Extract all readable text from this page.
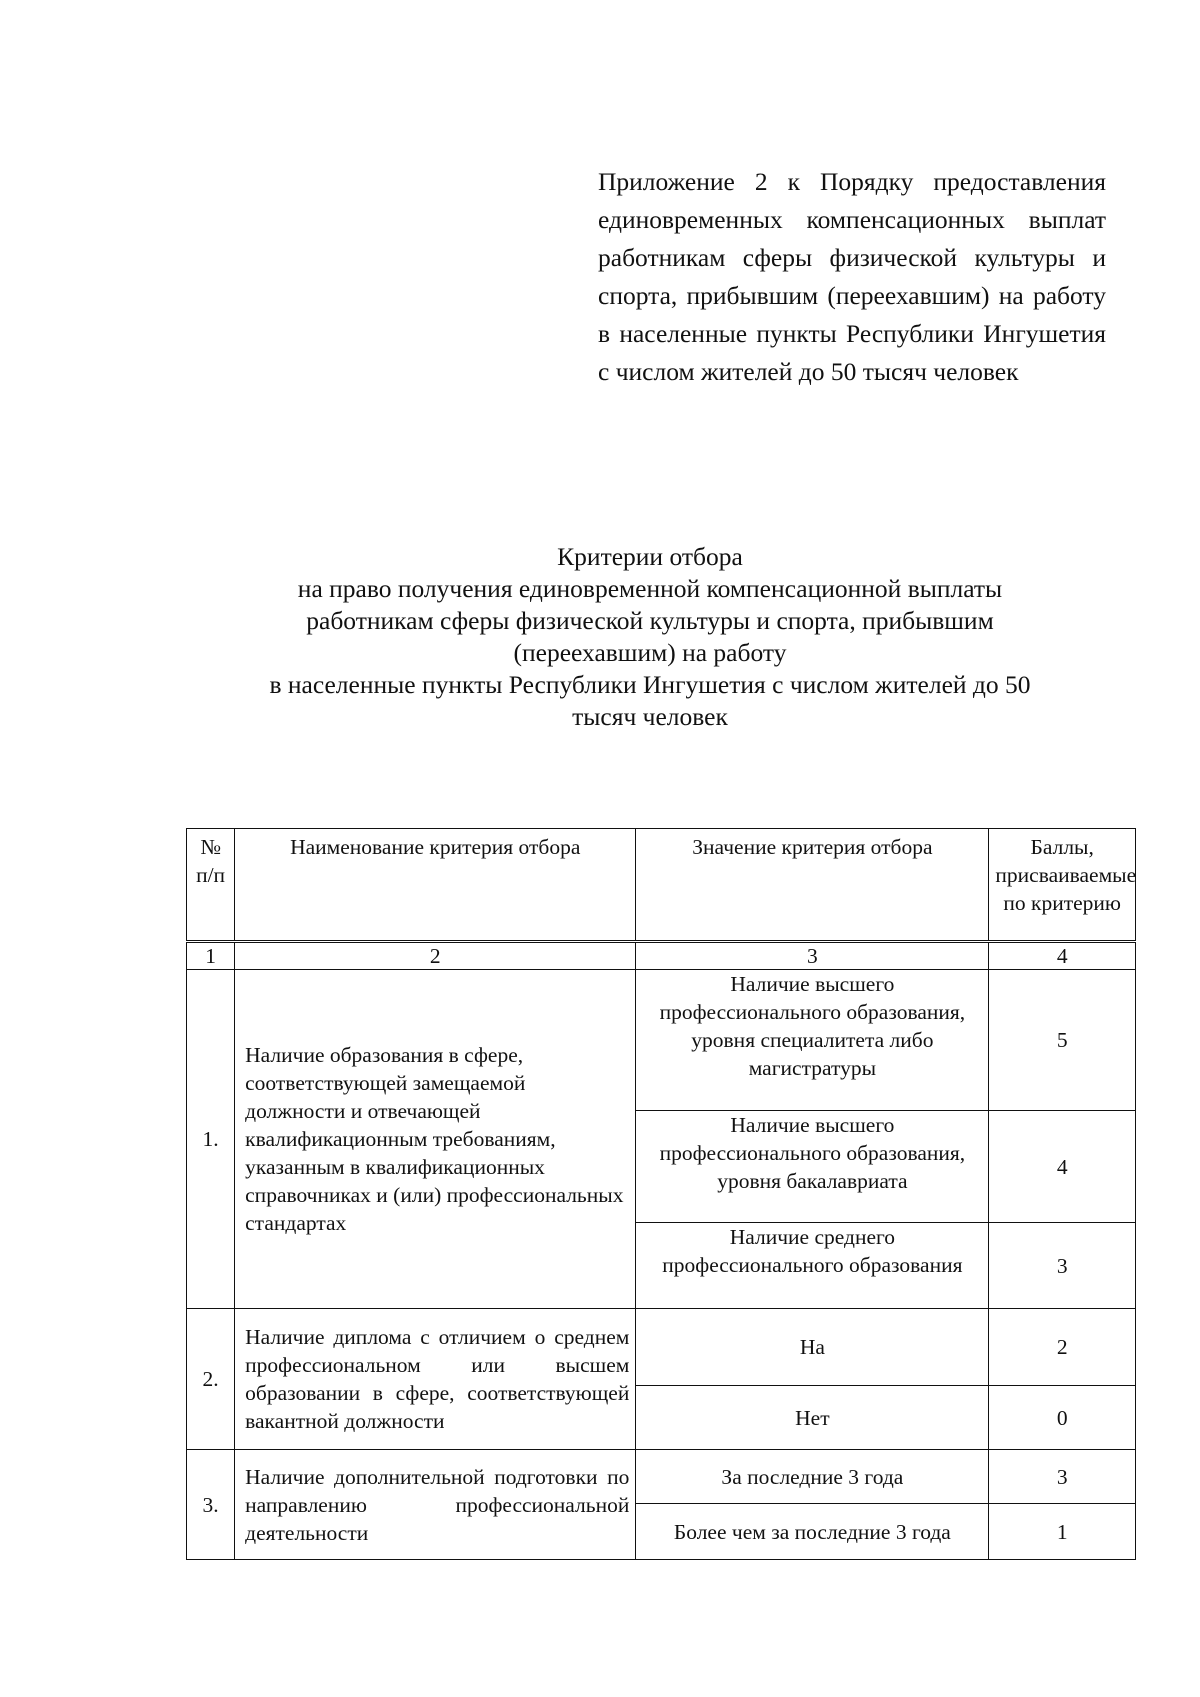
Приложение 2 к Порядку предоставления единовременных компенсационных выплат работникам сферы физической культуры и спорта, прибывшим (переехавшим) на работу в населенные пункты Республики Ингушетия с числом жителей до 50 тысяч человек
Критерии отбора
на право получения единовременной компенсационной выплаты
работникам сферы физической культуры и спорта, прибывшим
(переехавшим) на работу
в населенные пункты Республики Ингушетия с числом жителей до 50
тысяч человек
№ п/п	Наименование критерия отбора	Значение критерия отбора	Баллы, присваиваемые по критерию
1	2	3	4
1.	Наличие образования в сфере, соответствующей замещаемой должности и отвечающей квалификационным требованиям, указанным в квалификационных справочниках и (или) профессиональных стандартах	Наличие высшего профессионального образования, уровня специалитета либо магистратуры	5
		Наличие высшего профессионального образования, уровня бакалавриата	4
		Наличие среднего профессионального образования	3
2.	Наличие диплома с отличием о среднем профессиональном или высшем образовании в сфере, соответствующей вакантной должности	На	2
		Нет	0
3.	Наличие дополнительной подготовки по направлению профессиональной деятельности	За последние 3 года	3
		Более чем за последние 3 года	1
